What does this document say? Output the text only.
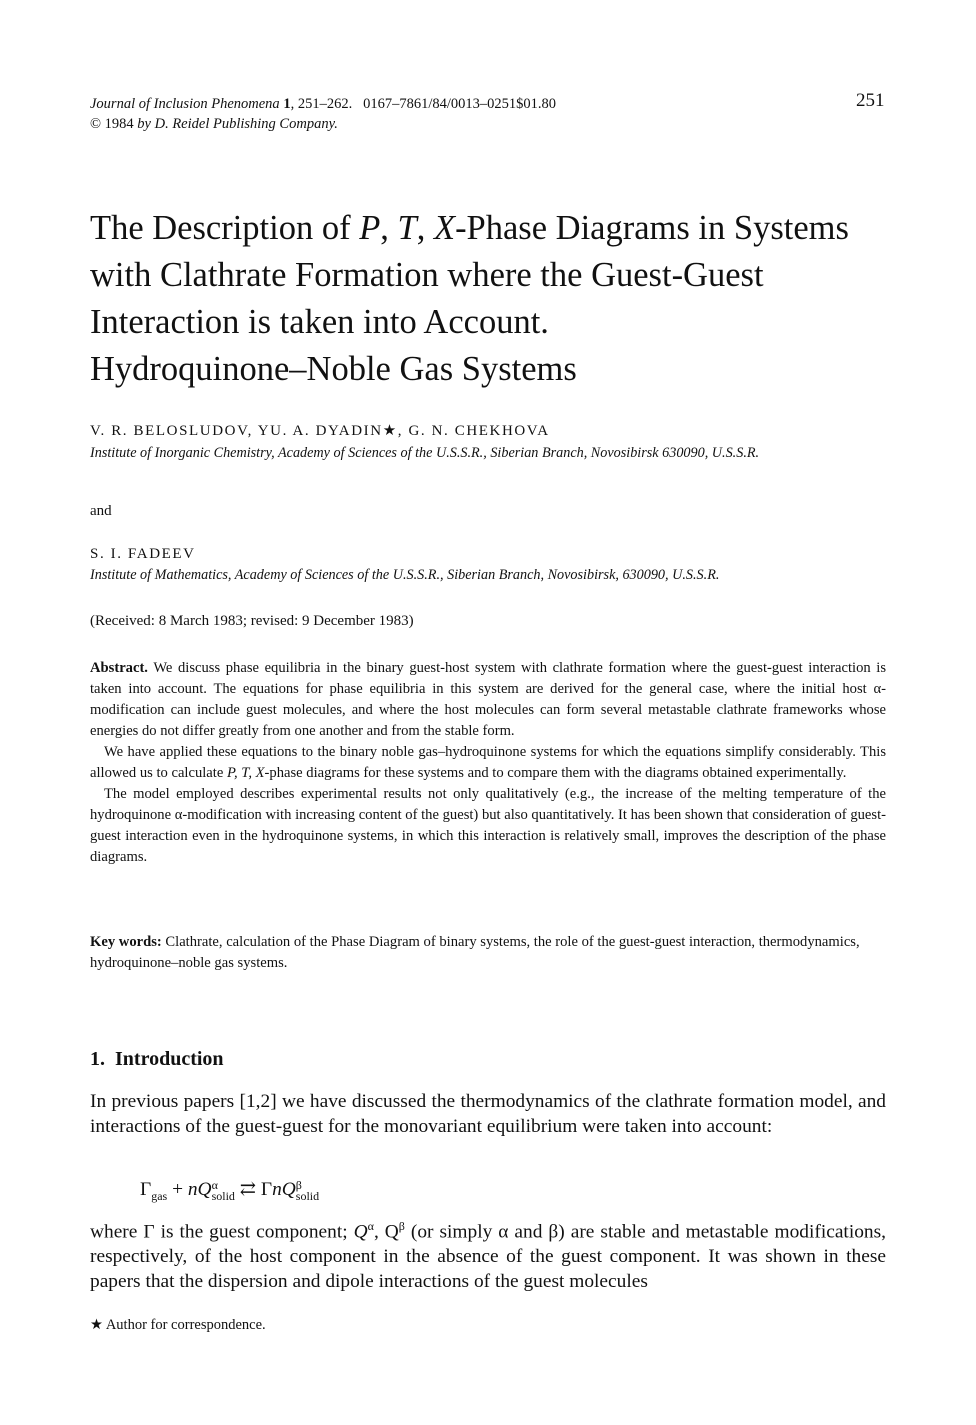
Journal of Inclusion Phenomena 1, 251–262. 0167–7861/84/0013–0251$01.80
© 1984 by D. Reidel Publishing Company.
251
The Description of P, T, X-Phase Diagrams in Systems with Clathrate Formation where the Guest-Guest Interaction is taken into Account.
Hydroquinone–Noble Gas Systems
V. R. BELOSLUDOV, YU. A. DYADIN★, G. N. CHEKHOVA
Institute of Inorganic Chemistry, Academy of Sciences of the U.S.S.R., Siberian Branch, Novosibirsk 630090, U.S.S.R.
and
S. I. FADEEV
Institute of Mathematics, Academy of Sciences of the U.S.S.R., Siberian Branch, Novosibirsk, 630090, U.S.S.R.
(Received: 8 March 1983; revised: 9 December 1983)

Abstract. We discuss phase equilibria in the binary guest-host system with clathrate formation where the guest-guest interaction is taken into account. The equations for phase equilibria in this system are derived for the general case, where the initial host α-modification can include guest molecules, and where the host molecules can form several metastable clathrate frameworks whose energies do not differ greatly from one another and from the stable form.

We have applied these equations to the binary noble gas–hydroquinone systems for which the equations simplify considerably. This allowed us to calculate P, T, X-phase diagrams for these systems and to compare them with the diagrams obtained experimentally.

The model employed describes experimental results not only qualitatively (e.g., the increase of the melting temperature of the hydroquinone α-modification with increasing content of the guest) but also quantitatively. It has been shown that consideration of guest-guest interaction even in the hydroquinone systems, in which this interaction is relatively small, improves the description of the phase diagrams.

Key words: Clathrate, calculation of the Phase Diagram of binary systems, the role of the guest-guest interaction, thermodynamics, hydroquinone–noble gas systems.
1. Introduction
In previous papers [1,2] we have discussed the thermodynamics of the clathrate formation model, and interactions of the guest-guest for the monovariant equilibrium were taken into account:
$\Gamma_{gas}$ + nQ α
solid ⇄ ΓnQ β
solid
where Γ is the guest component; $Q^\alpha$, $Q^\beta$ (or simply α and β) are stable and metastable modifications, respectively, of the host component in the absence of the guest component. It was shown in these papers that the dispersion and dipole interactions of the guest molecules
★ Author for correspondence.
